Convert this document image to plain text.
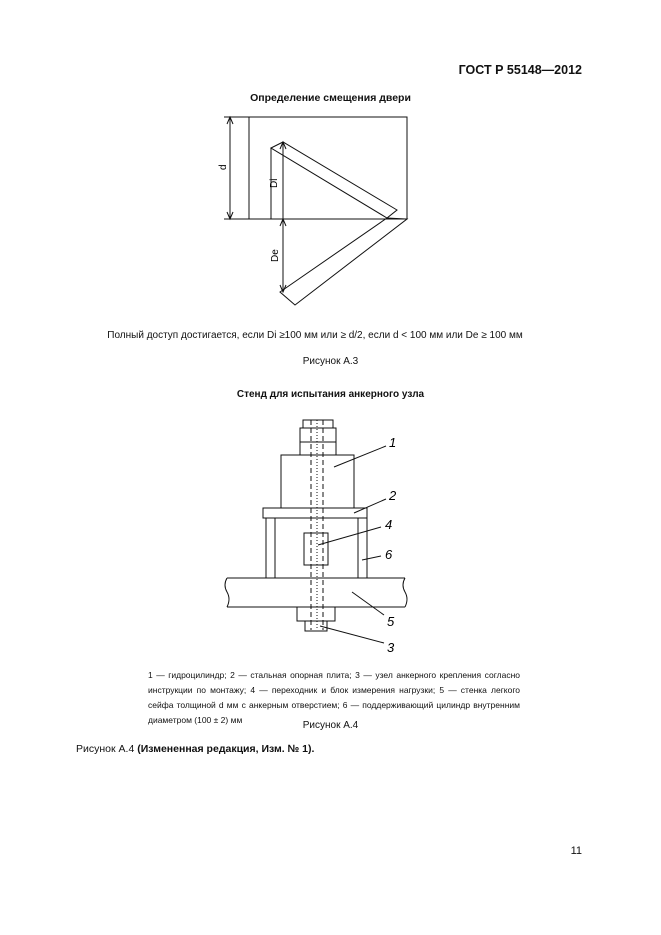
ГОСТ Р 55148—2012
Определение смещения двери
d
Di
De
1
2
3
4
5
6
Полный доступ достигается, если Di ≥100 мм или ≥ d/2, если d < 100 мм или De ≥ 100 мм
Рисунок А.3
Стенд для испытания анкерного узла
1 — гидроцилиндр; 2 — стальная опорная плита; 3 — узел анкерного крепления согласно инструкции по монтажу; 4 — переходник и блок измерения нагрузки; 5 — стенка легкого сейфа толщиной d мм с анкерным отверстием; 6 — поддерживающий цилиндр внутренним диаметром (100 ± 2) мм	Рисунок А.4
Рисунок А.4 (Измененная редакция, Изм. № 1).
11
